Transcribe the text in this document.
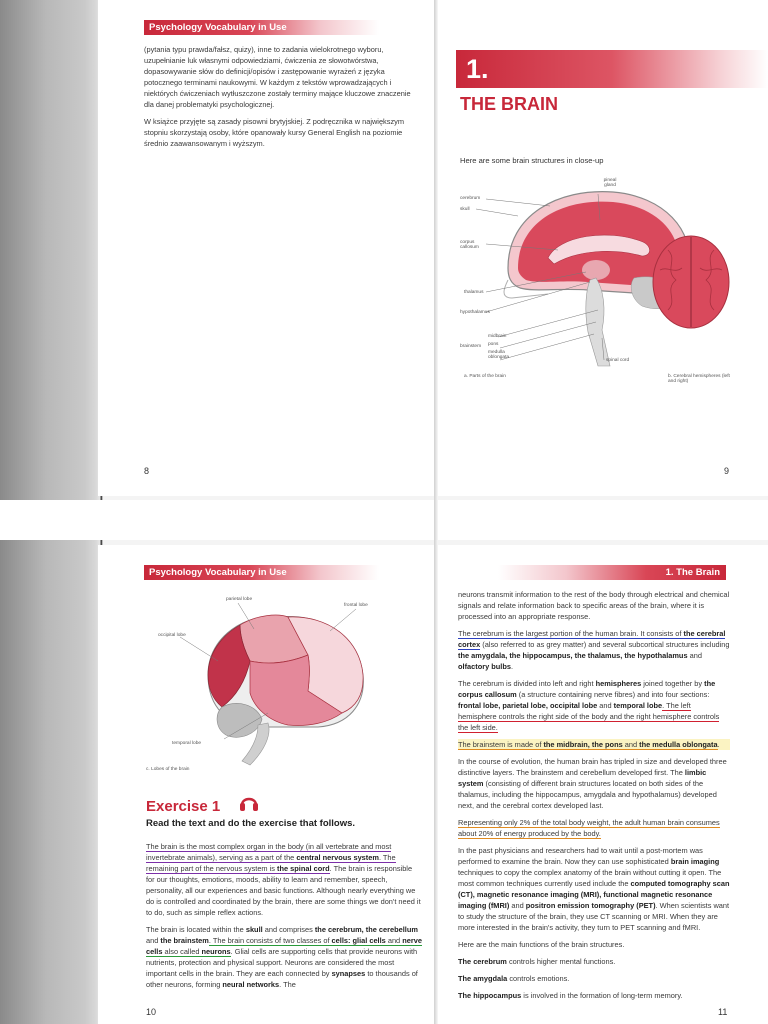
Psychology Vocabulary in Use

(pytania typu prawda/fałsz, quizy), inne to zadania wielokrotnego wyboru, uzupełnianie luk własnymi odpowiedziami, ćwiczenia ze słowotwórstwa, dopasowywanie słów do definicji/opisów i zastępowanie wyrażeń z języka potocznego terminami naukowymi. W każdym z tekstów wprowadzających i niektórych ćwiczeniach wytłuszczone zostały terminy mające kluczowe znaczenie dla danej problematyki psychologicznej.

W książce przyjęte są zasady pisowni brytyjskiej. Z podręcznika w największym stopniu skorzystają osoby, które opanowały kursy General English na poziomie średnio zaawansowanym i wyższym.

8
1.
THE BRAIN
Here are some brain structures in close-up
pineal gland
cerebrum
skull
corpus callosum
thalamus
hypothalamus
midbrain
pons
medulla oblongata
brainstem
spinal cord
a. Parts of the brain	b. Cerebral hemispheres (left and right)
9
Psychology Vocabulary in Use
parietal lobe
frontal lobe
occipital lobe
temporal lobe
c. Lobes of the brain
Exercise 1
Read the text and do the exercise that follows.

The brain is the most complex organ in the body (in all vertebrate and most invertebrate animals), serving as a part of the central nervous system. The remaining part of the nervous system is the spinal cord. The brain is responsible for our thoughts, emotions, moods, ability to learn and remember, speech, personality, all our experiences and basic functions. Although nearly everything we do is controlled and coordinated by the brain, there are some things we don't need it to do, such as simple reflex actions.

The brain is located within the skull and comprises the cerebrum, the cerebellum and the brainstem. The brain consists of two classes of cells: glial cells and nerve cells also called neurons. Glial cells are supporting cells that provide neurons with nutrients, protection and physical support. Neurons are considered the most important cells in the brain. They are each connected by synapses to thousands of other neurons, forming neural networks. The

10
1. The Brain

neurons transmit information to the rest of the body through electrical and chemical signals and relate information back to specific areas of the brain, where it is processed into an appropriate response.

The cerebrum is the largest portion of the human brain. It consists of the cerebral cortex (also referred to as grey matter) and several subcortical structures including the amygdala, the hippocampus, the thalamus, the hypothalamus and olfactory bulbs.

The cerebrum is divided into left and right hemispheres joined together by the corpus callosum (a structure containing nerve fibres) and into four sections: frontal lobe, parietal lobe, occipital lobe and temporal lobe. The left hemisphere controls the right side of the body and the right hemisphere controls the left side.

The brainstem is made of the midbrain, the pons and the medulla oblongata.

In the course of evolution, the human brain has tripled in size and developed three distinctive layers. The brainstem and cerebellum developed first. The limbic system (consisting of different brain structures located on both sides of the thalamus, including the hippocampus, amygdala and hypothalamus) developed next, and the cerebral cortex developed last.

Representing only 2% of the total body weight, the adult human brain consumes about 20% of energy produced by the body.

In the past physicians and researchers had to wait until a post-mortem was performed to examine the brain. Now they can use sophisticated brain imaging techniques to copy the complex anatomy of the brain without cutting it open. The most common techniques currently used include the computed tomography scan (CT), magnetic resonance imaging (MRI), functional magnetic resonance imaging (fMRI) and positron emission tomography (PET). When scientists want to study the structure of the brain, they use CT scanning or MRI. When they are more interested in the brain's activity, they turn to PET scanning and fMRI.

Here are the main functions of the brain structures.

The cerebrum controls higher mental functions.

The amygdala controls emotions.

The hippocampus is involved in the formation of long-term memory.

11
